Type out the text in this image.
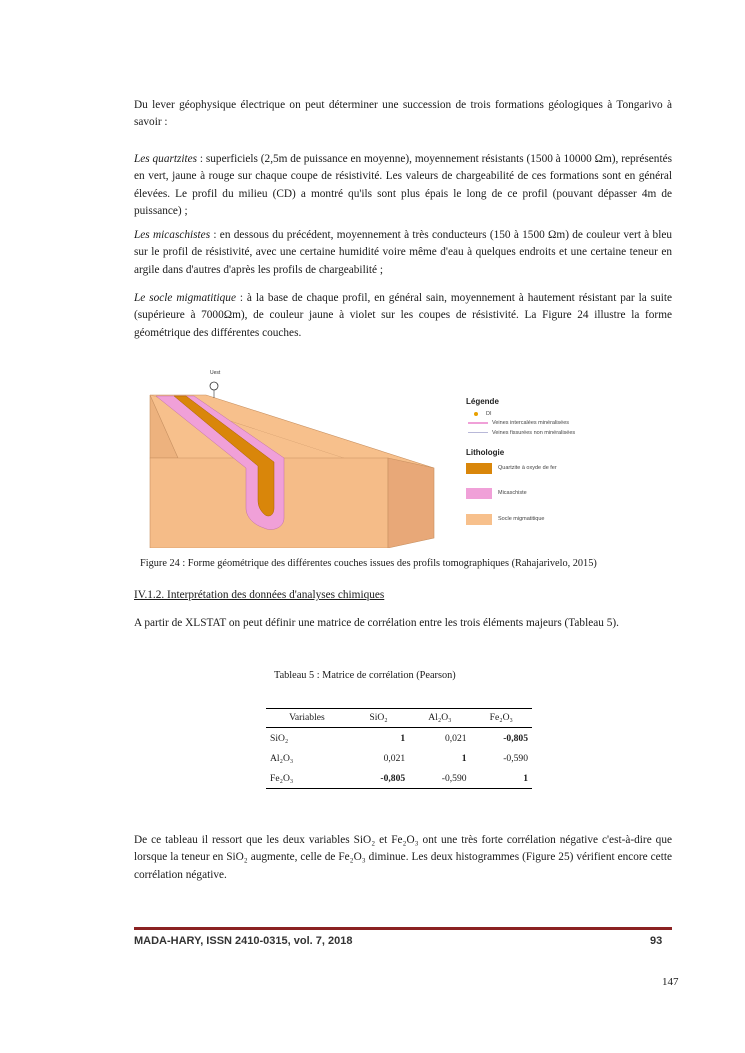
Du lever géophysique électrique on peut déterminer une succession de trois formations géologiques à Tongarivo à savoir :

Les quartzites : superficiels (2,5m de puissance en moyenne), moyennement résistants (1500 à 10000 Ωm), représentés en vert, jaune à rouge sur chaque coupe de résistivité. Les valeurs de chargeabilité de ces formations sont en général élevées. Le profil du milieu (CD) a montré qu'ils sont plus épais le long de ce profil (pouvant dépasser 4m de puissance) ;

Les micaschistes : en dessous du précédent, moyennement à très conducteurs (150 à 1500 Ωm) de couleur vert à bleu sur le profil de résistivité, avec une certaine humidité voire même d'eau à quelques endroits et une certaine teneur en argile dans d'autres d'après les profils de chargeabilité ;

Le socle migmatitique : à la base de chaque profil, en général sain, moyennement à hautement résistant par la suite (supérieure à 7000Ωm), de couleur jaune à violet sur les coupes de résistivité. La Figure 24 illustre la forme géométrique des différentes couches.

Uest
Légende
DI
Veines intercalées minéralisées
Veines fissurées non minéralisées
Lithologie
Quartzite à oxyde de fer
Micaschiste
Socle migmatitique

Figure 24 : Forme géométrique des différentes couches issues des profils tomographiques (Rahajarivelo, 2015)

IV.1.2. Interprétation des données d'analyses chimiques

A partir de XLSTAT on peut définir une matrice de corrélation entre les trois éléments majeurs (Tableau 5).

Tableau 5 : Matrice de corrélation (Pearson)

Variables	SiO₂	Al₂O₃	Fe₂O₃
SiO₂	1	0,021	-0,805
Al₂O₃	0,021	1	-0,590
Fe₂O₃	-0,805	-0,590	1

De ce tableau il ressort que les deux variables SiO₂ et Fe₂O₃ ont une très forte corrélation négative c'est-à-dire que lorsque la teneur en SiO₂ augmente, celle de Fe₂O₃ diminue. Les deux histogrammes (Figure 25) vérifient encore cette corrélation négative.

MADA-HARY, ISSN 2410-0315, vol. 7, 2018	93

147
